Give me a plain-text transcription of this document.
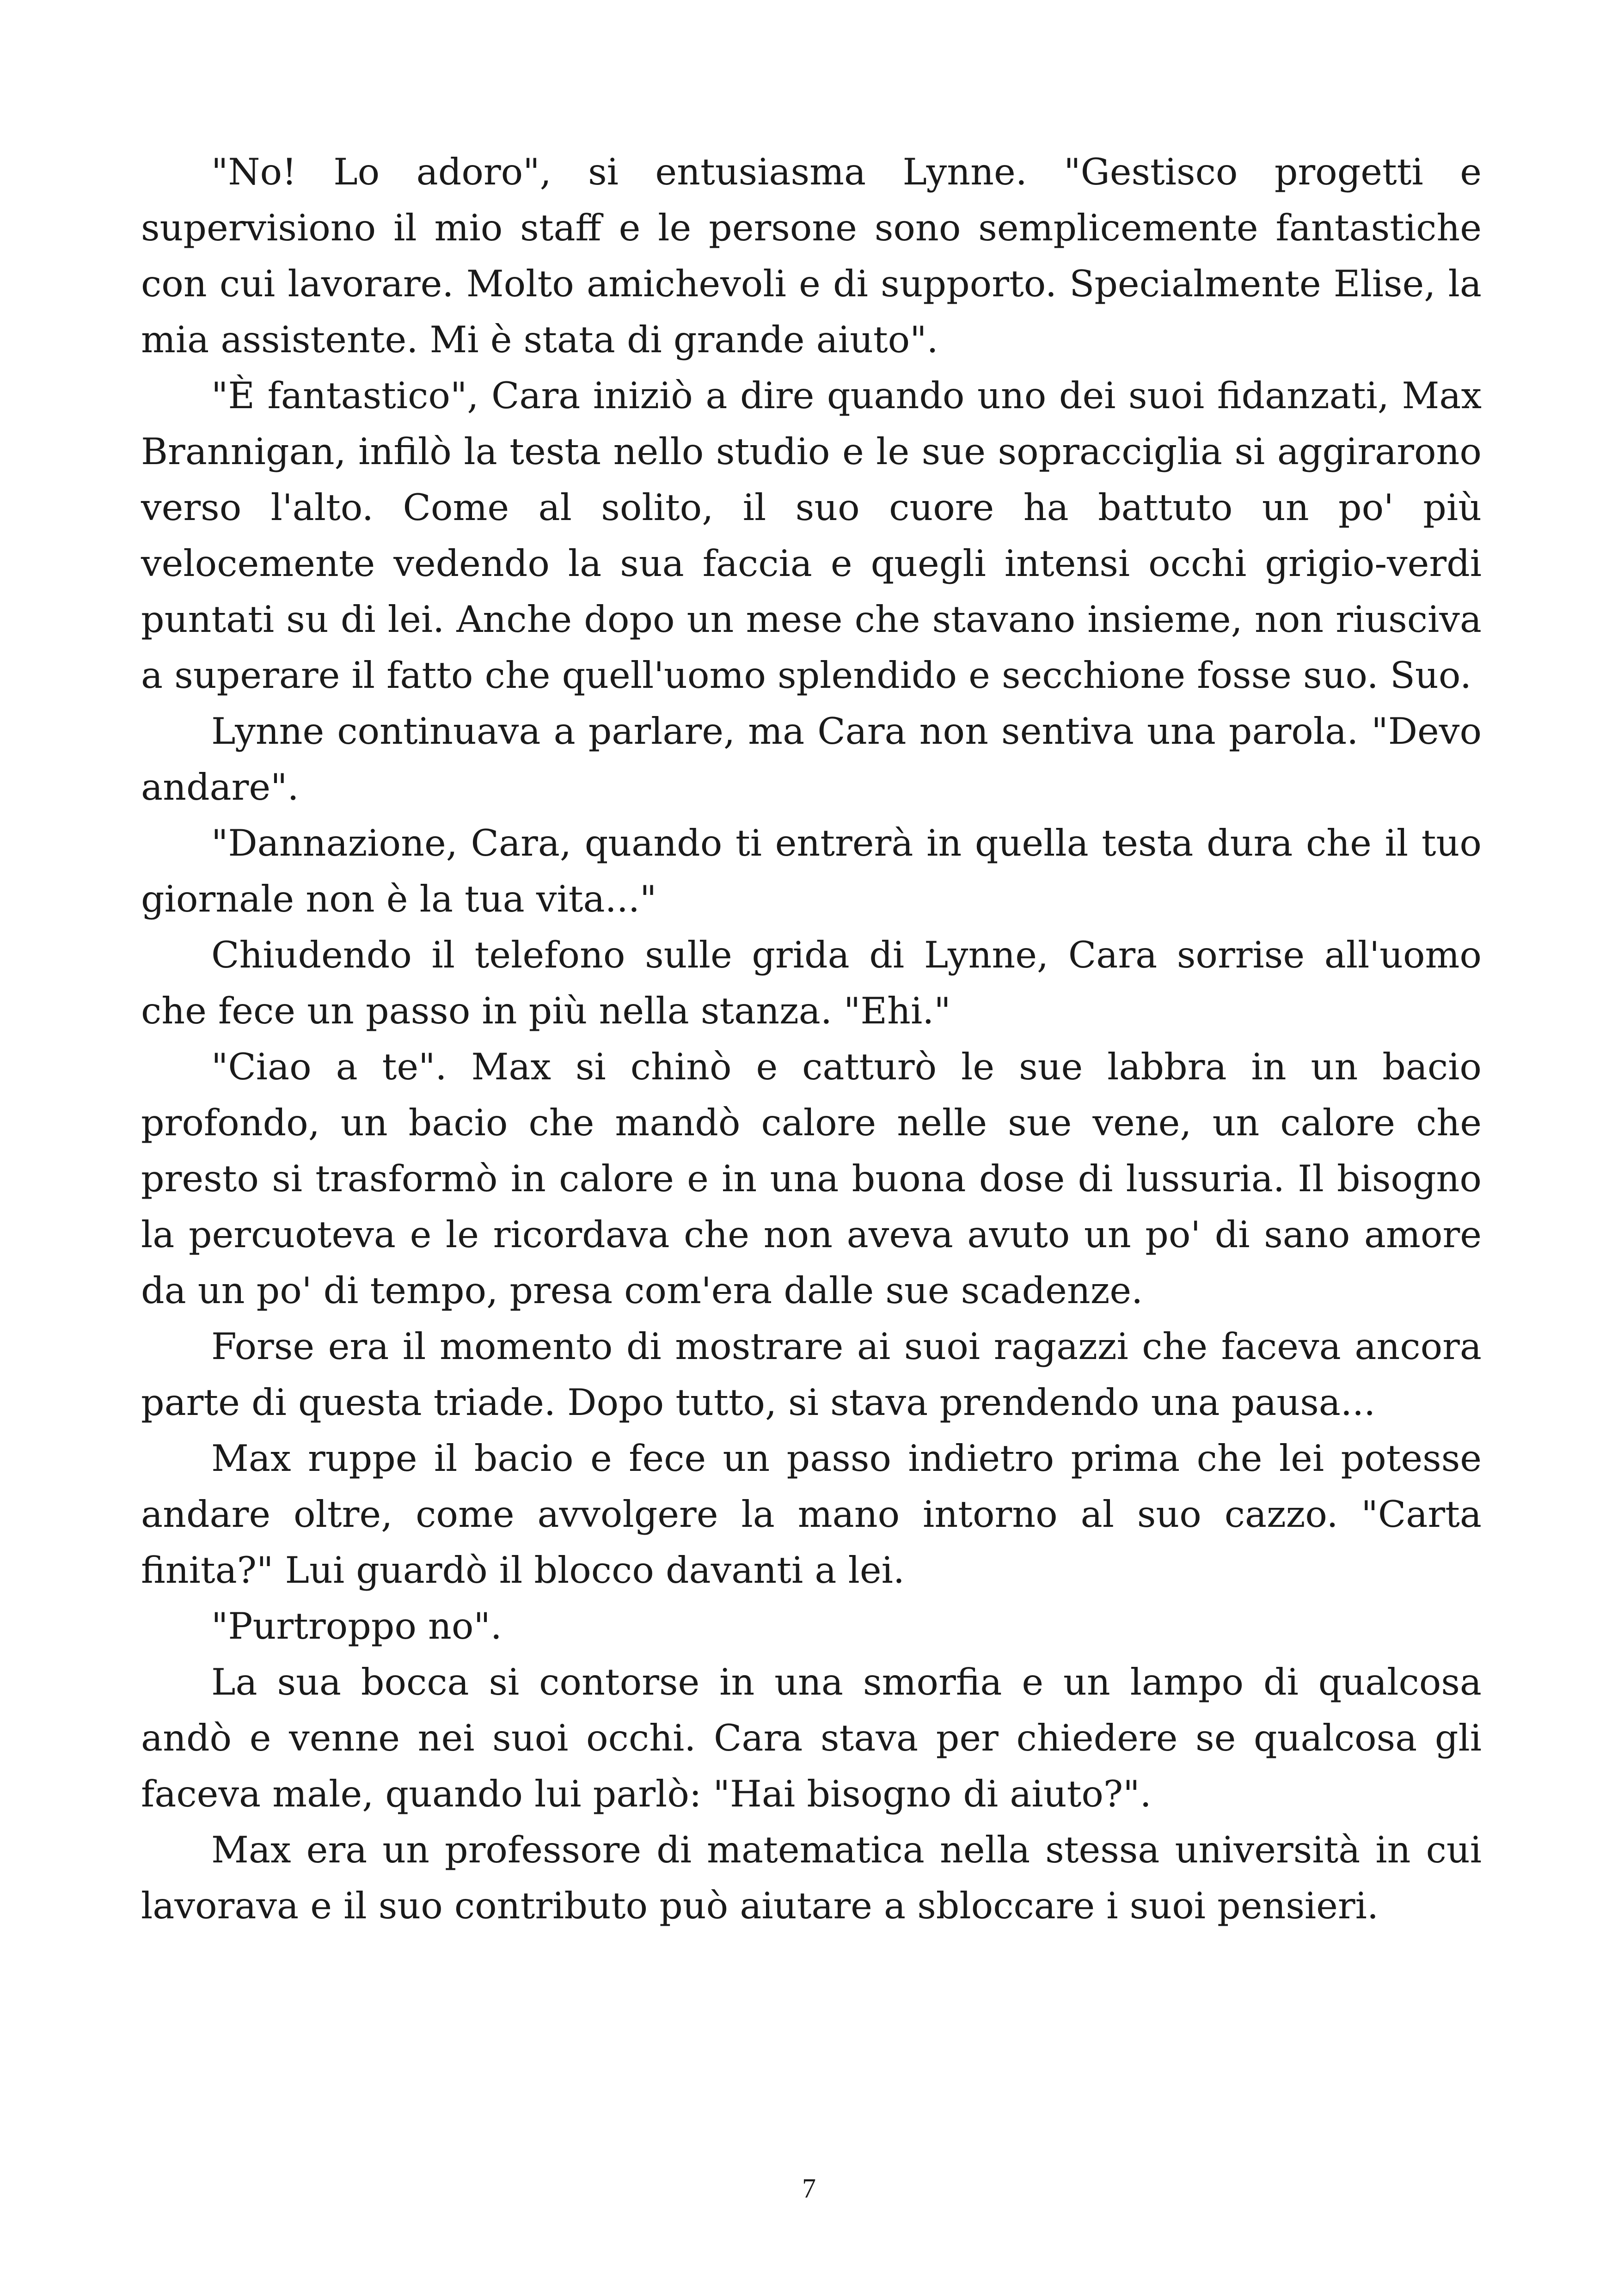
"No! Lo adoro", si entusiasma Lynne. "Gestisco progetti e supervisiono il mio staff e le persone sono semplicemente fantastiche con cui lavorare. Molto amichevoli e di supporto. Specialmente Elise, la mia assistente. Mi è stata di grande aiuto".

"È fantastico", Cara iniziò a dire quando uno dei suoi fidanzati, Max Brannigan, infilò la testa nello studio e le sue sopracciglia si aggirarono verso l'alto. Come al solito, il suo cuore ha battuto un po' più velocemente vedendo la sua faccia e quegli intensi occhi grigio-verdi puntati su di lei. Anche dopo un mese che stavano insieme, non riusciva a superare il fatto che quell'uomo splendido e secchione fosse suo. Suo.

Lynne continuava a parlare, ma Cara non sentiva una parola. "Devo andare".

"Dannazione, Cara, quando ti entrerà in quella testa dura che il tuo giornale non è la tua vita..."

Chiudendo il telefono sulle grida di Lynne, Cara sorrise all'uomo che fece un passo in più nella stanza. "Ehi."

"Ciao a te". Max si chinò e catturò le sue labbra in un bacio profondo, un bacio che mandò calore nelle sue vene, un calore che presto si trasformò in calore e in una buona dose di lussuria. Il bisogno la percuoteva e le ricordava che non aveva avuto un po' di sano amore da un po' di tempo, presa com'era dalle sue scadenze.

Forse era il momento di mostrare ai suoi ragazzi che faceva ancora parte di questa triade. Dopo tutto, si stava prendendo una pausa...

Max ruppe il bacio e fece un passo indietro prima che lei potesse andare oltre, come avvolgere la mano intorno al suo cazzo. "Carta finita?" Lui guardò il blocco davanti a lei.

"Purtroppo no".

La sua bocca si contorse in una smorfia e un lampo di qualcosa andò e venne nei suoi occhi. Cara stava per chiedere se qualcosa gli faceva male, quando lui parlò: "Hai bisogno di aiuto?".

Max era un professore di matematica nella stessa università in cui lavorava e il suo contributo può aiutare a sbloccare i suoi pensieri.

7
